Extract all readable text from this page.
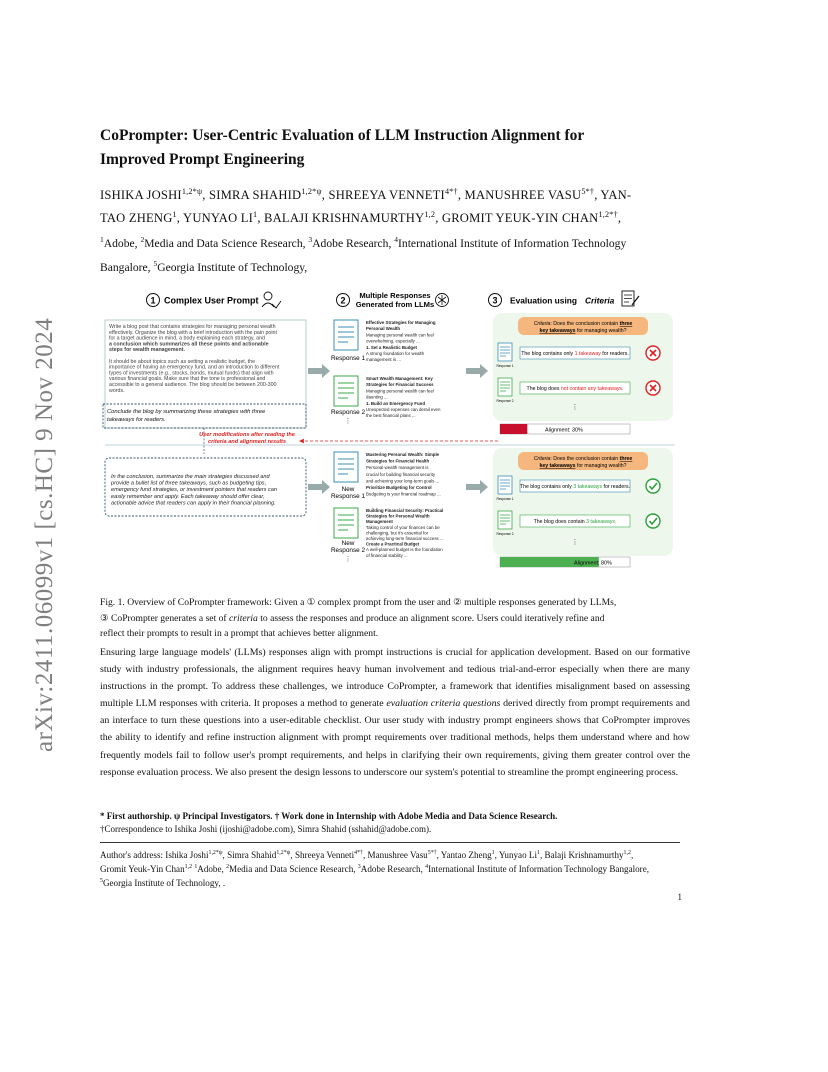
arXiv:2411.06099v1 [cs.HC] 9 Nov 2024
CoPrompter: User-Centric Evaluation of LLM Instruction Alignment for
Improved Prompt Engineering
ISHIKA $JOSHI^{1,2*\psi}$, SIMRA $SHAHID^{1,2*\psi}$, SHREEYA $VENNETI^{4*\dagger}$, MANUSHREE $VASU^{5*\dagger}$, YAN-
TAO ZHENG$^1$, YUNYAO $LI^1$, BALAJI KRISHNAMURTHY$^{1,2}$, GROMIT YEUK-YIN $CHAN^{1,2*\dagger}$,
$^1$Adobe, $^2$Media and Data Science Research, $^3$Adobe Research, $^4$International Institute of Information Technology
Bangalore, $^5$Georgia Institute of Technology,
1 Complex User Prompt	2 Multiple Responses
Generated from LLMs	3 Evaluation using Criteria
Write a blog post that contains strategies for managing personal wealth
effectively. Organize the blog with a brief introduction with the pain point
for a target audience in mind, a body explaining each strategy, and
a conclusion which summarizes all these points and actionable
steps for wealth management.
It should be about topics such as setting a realistic budget, the
importance of having an emergency fund, and an introduction to different
types of investments (e.g., stocks, bonds, mutual funds) that align with
various financial goals. Make sure that the tone is professional and
accessible to a general audience. The blog should be between 200-300
words.
Conclude the blog by summarizing these strategies with three
takeaways for readers.
User modifications after reading the
criteria and alignment results
In the conclusion, summarize the main strategies discussed and
provide a bullet list of three takeaways, such as budgeting tips,
emergency fund strategies, or investment pointers that readers can
easily remember and apply. Each takeaway should offer clear,
actionable advice that readers can apply in their financial planning.
Response 1
Response 2
⋮
New
Response 1
New
Response 2
⋮
Effective Strategies for Managing
Personal Wealth
Managing personal wealth can feel
overwhelming, especially ...
1. Set a Realistic Budget
A strong foundation for wealth
management is ...
Smart Wealth Management: Key
Strategies for Financial Success
Managing personal wealth can feel
daunting ...
1. Build an Emergency Fund
Unexpected expenses can derail even
the best financial plans ...
Mastering Personal Wealth: Simple
Strategies for Financial Health
Personal wealth management is
crucial for building financial security
and achieving your long-term goals ...
Prioritize Budgeting for Control
Budgeting is your financial roadmap ...
Building Financial Security: Practical
Strategies for Personal Wealth
Management
Taking control of your finances can be
challenging, but it's essential for
achieving long-term financial success ...
Create a Practical Budget
A well-planned budget is the foundation
of financial stability ...
Criteria: Does the conclusion contain three
key takeaways for managing wealth?
Response 1
The blog contains only 1 takeaway for readers.
Response 2
The blog does not contain any takeaways.
⋮
Alignment: 30%
Criteria: Does the conclusion contain three
key takeaways for managing wealth?
Response 1
The blog contains only 3 takeaways for readers.
Response 2
The blog does contain 3 takeaways.
⋮
Alignment: 80%
Fig. 1. Overview of CoPrompter framework: Given a ① complex prompt from the user and ② multiple responses generated by LLMs,
③ CoPrompter generates a set of criteria to assess the responses and produce an alignment score. Users could iteratively refine and
reflect their prompts to result in a prompt that achieves better alignment.
Ensuring large language models' (LLMs) responses align with prompt instructions is crucial for application development. Based on our formative study with industry professionals, the alignment requires heavy human involvement and tedious trial-and-error especially when there are many instructions in the prompt. To address these challenges, we introduce CoPrompter, a framework that identifies misalignment based on assessing multiple LLM responses with criteria. It proposes a method to generate evaluation criteria questions derived directly from prompt requirements and an interface to turn these questions into a user-editable checklist. Our user study with industry prompt engineers shows that CoPrompter improves the ability to identify and refine instruction alignment with prompt requirements over traditional methods, helps them understand where and how frequently models fail to follow user's prompt requirements, and helps in clarifying their own requirements, giving them greater control over the response evaluation process. We also present the design lessons to underscore our system's potential to streamline the prompt engineering process.
* First authorship. ψ Principal Investigators. † Work done in Internship with Adobe Media and Data Science Research.
†Correspondence to Ishika Joshi (ijoshi@adobe.com), Simra Shahid (sshahid@adobe.com).
Author's address: Ishika Joshi$^{1,2*\psi}$, Simra Shahid$^{1,2*\psi}$, Shreeya Venneti$^{4*\dagger}$, Manushree Vasu$^{5*\dagger}$, Yantao Zheng$^1$, Yunyao Li$^1$, Balaji Krishnamurthy$^{1,2}$,
Gromit Yeuk-Yin Chan$^{1,2}$ $^1$Adobe, $^2$Media and Data Science Research, $^3$Adobe Research, $^4$International Institute of Information Technology Bangalore,
$^5$Georgia Institute of Technology, .
1
